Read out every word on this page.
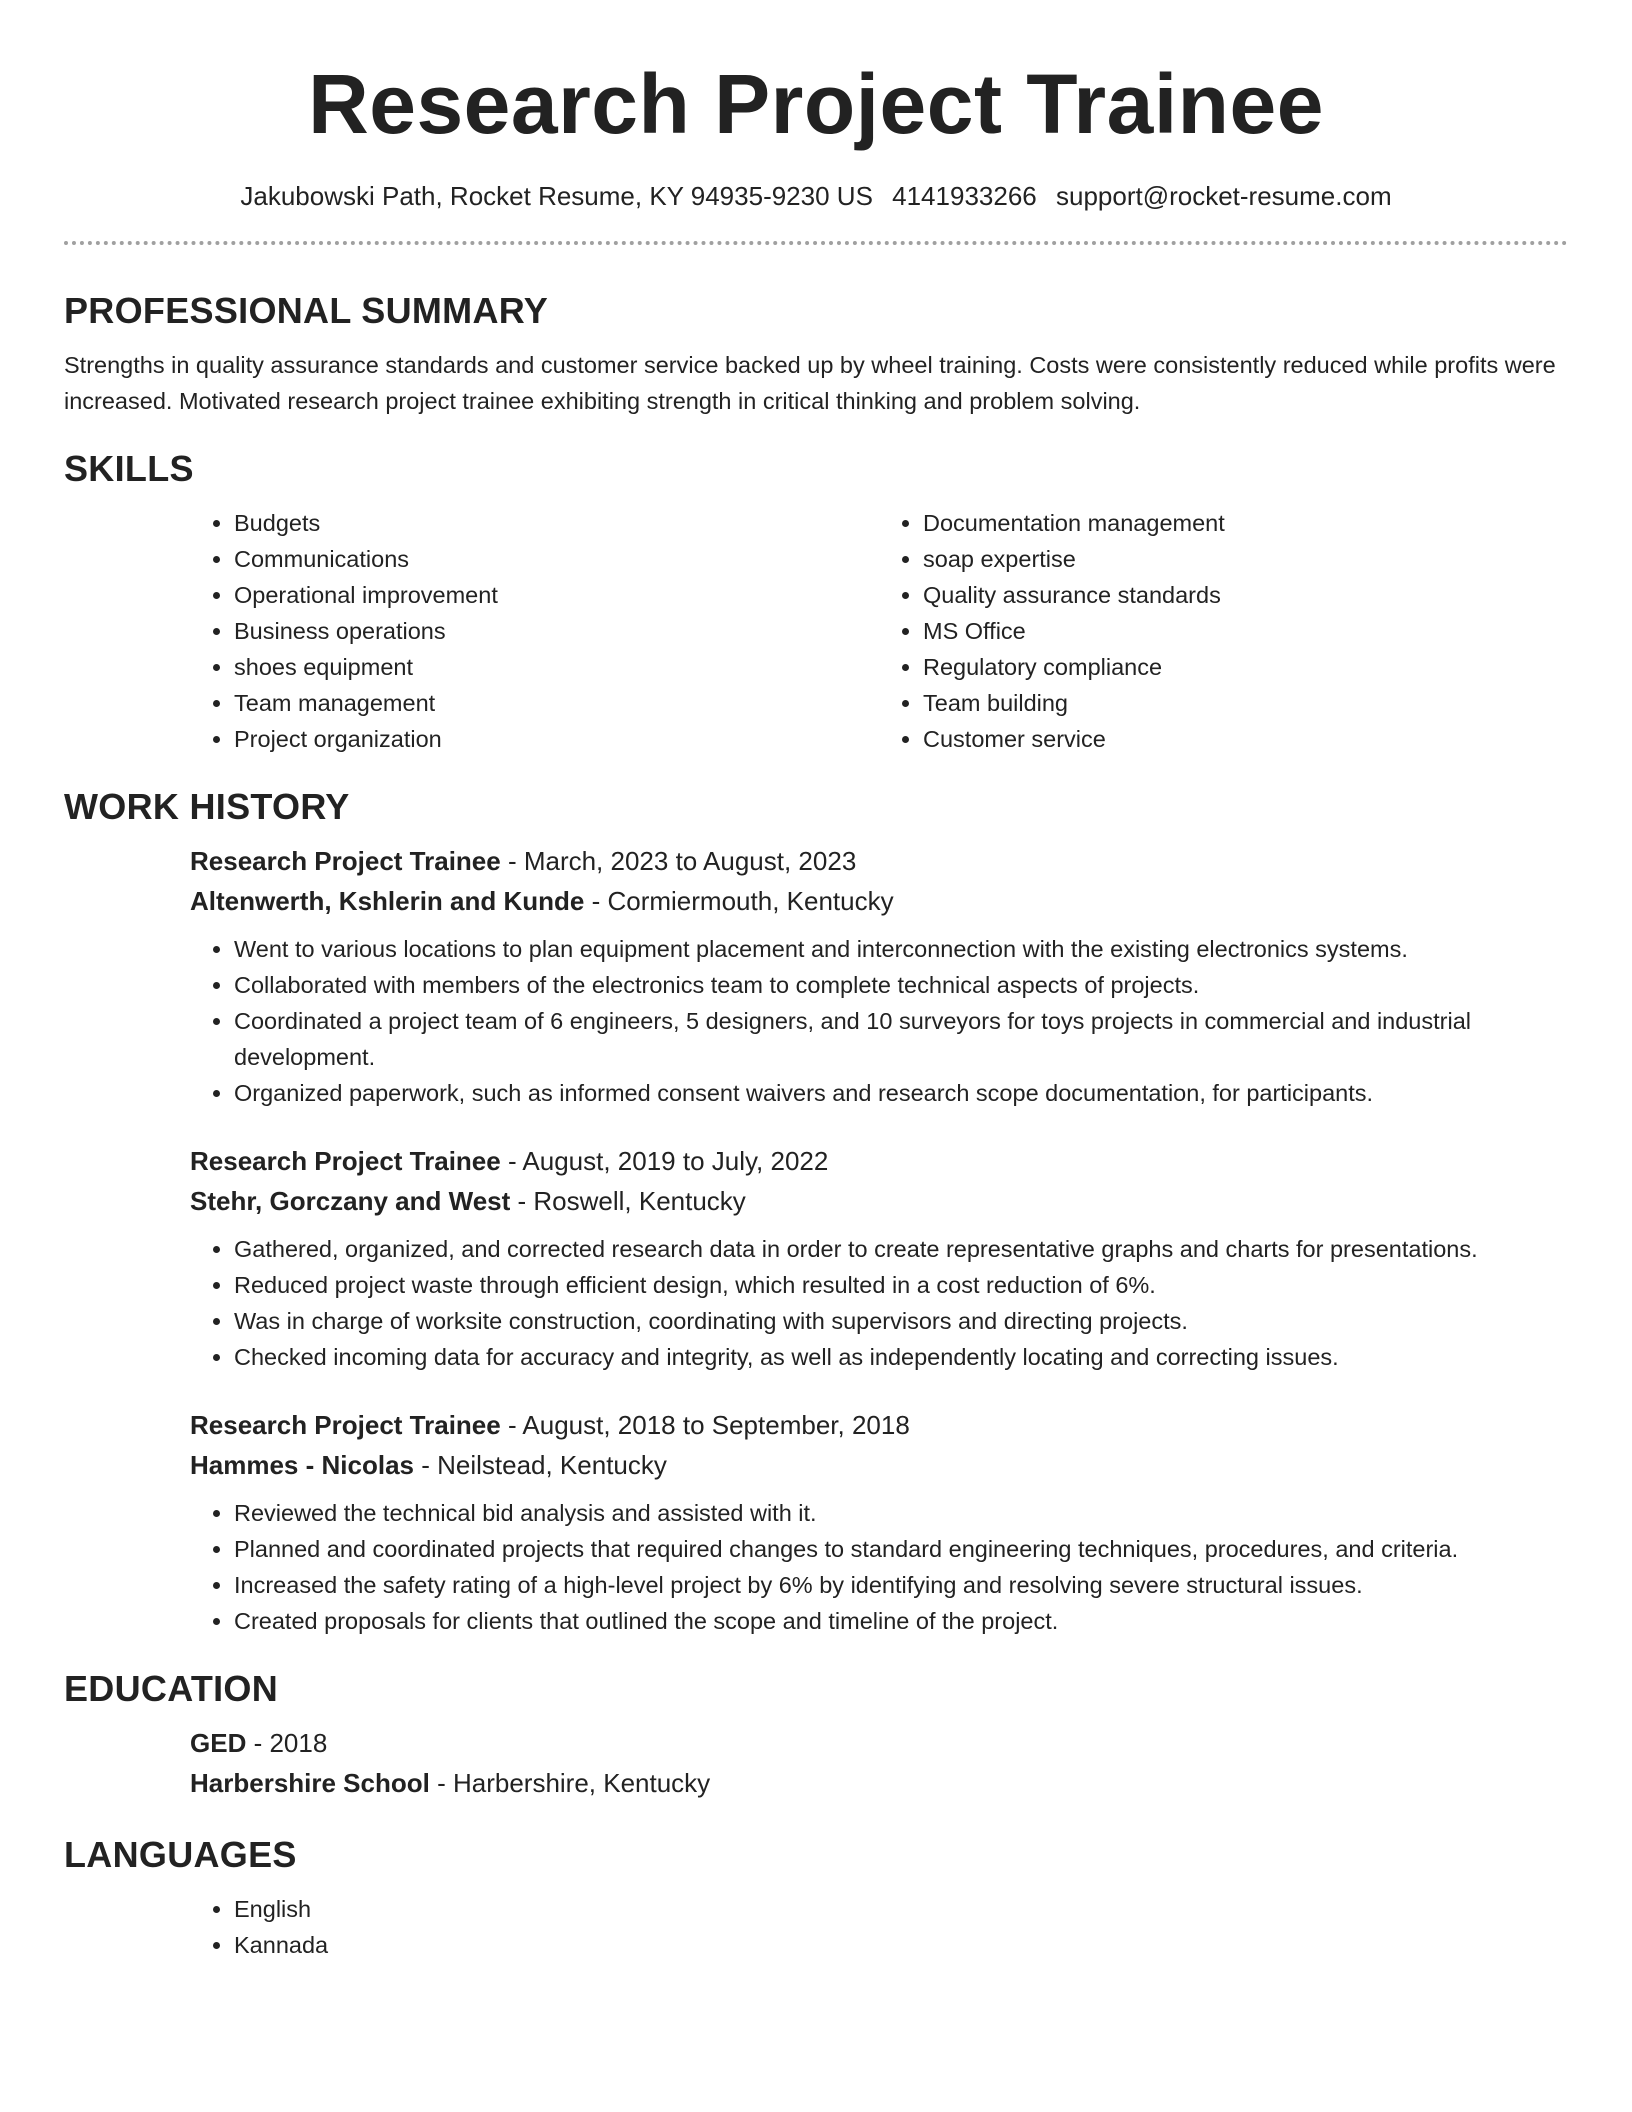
Research Project Trainee
Jakubowski Path, Rocket Resume, KY 94935-9230 US 4141933266 support@rocket-resume.com
PROFESSIONAL SUMMARY

Strengths in quality assurance standards and customer service backed up by wheel training. Costs were consistently reduced while profits were increased. Motivated research project trainee exhibiting strength in critical thinking and problem solving.

SKILLS
• Budgets
• Communications
• Operational improvement
• Business operations
• shoes equipment
• Team management
• Project organization
• Documentation management
• soap expertise
• Quality assurance standards
• MS Office
• Regulatory compliance
• Team building
• Customer service
WORK HISTORY
Research Project Trainee - March, 2023 to August, 2023
Altenwerth, Kshlerin and Kunde - Cormiermouth, Kentucky
• Went to various locations to plan equipment placement and interconnection with the existing electronics systems.
• Collaborated with members of the electronics team to complete technical aspects of projects.
• Coordinated a project team of 6 engineers, 5 designers, and 10 surveyors for toys projects in commercial and industrial development.
• Organized paperwork, such as informed consent waivers and research scope documentation, for participants.
Research Project Trainee - August, 2019 to July, 2022
Stehr, Gorczany and West - Roswell, Kentucky
• Gathered, organized, and corrected research data in order to create representative graphs and charts for presentations.
• Reduced project waste through efficient design, which resulted in a cost reduction of 6%.
• Was in charge of worksite construction, coordinating with supervisors and directing projects.
• Checked incoming data for accuracy and integrity, as well as independently locating and correcting issues.
Research Project Trainee - August, 2018 to September, 2018
Hammes - Nicolas - Neilstead, Kentucky
• Reviewed the technical bid analysis and assisted with it.
• Planned and coordinated projects that required changes to standard engineering techniques, procedures, and criteria.
• Increased the safety rating of a high-level project by 6% by identifying and resolving severe structural issues.
• Created proposals for clients that outlined the scope and timeline of the project.
EDUCATION
GED - 2018
Harbershire School - Harbershire, Kentucky
LANGUAGES
• English
• Kannada
